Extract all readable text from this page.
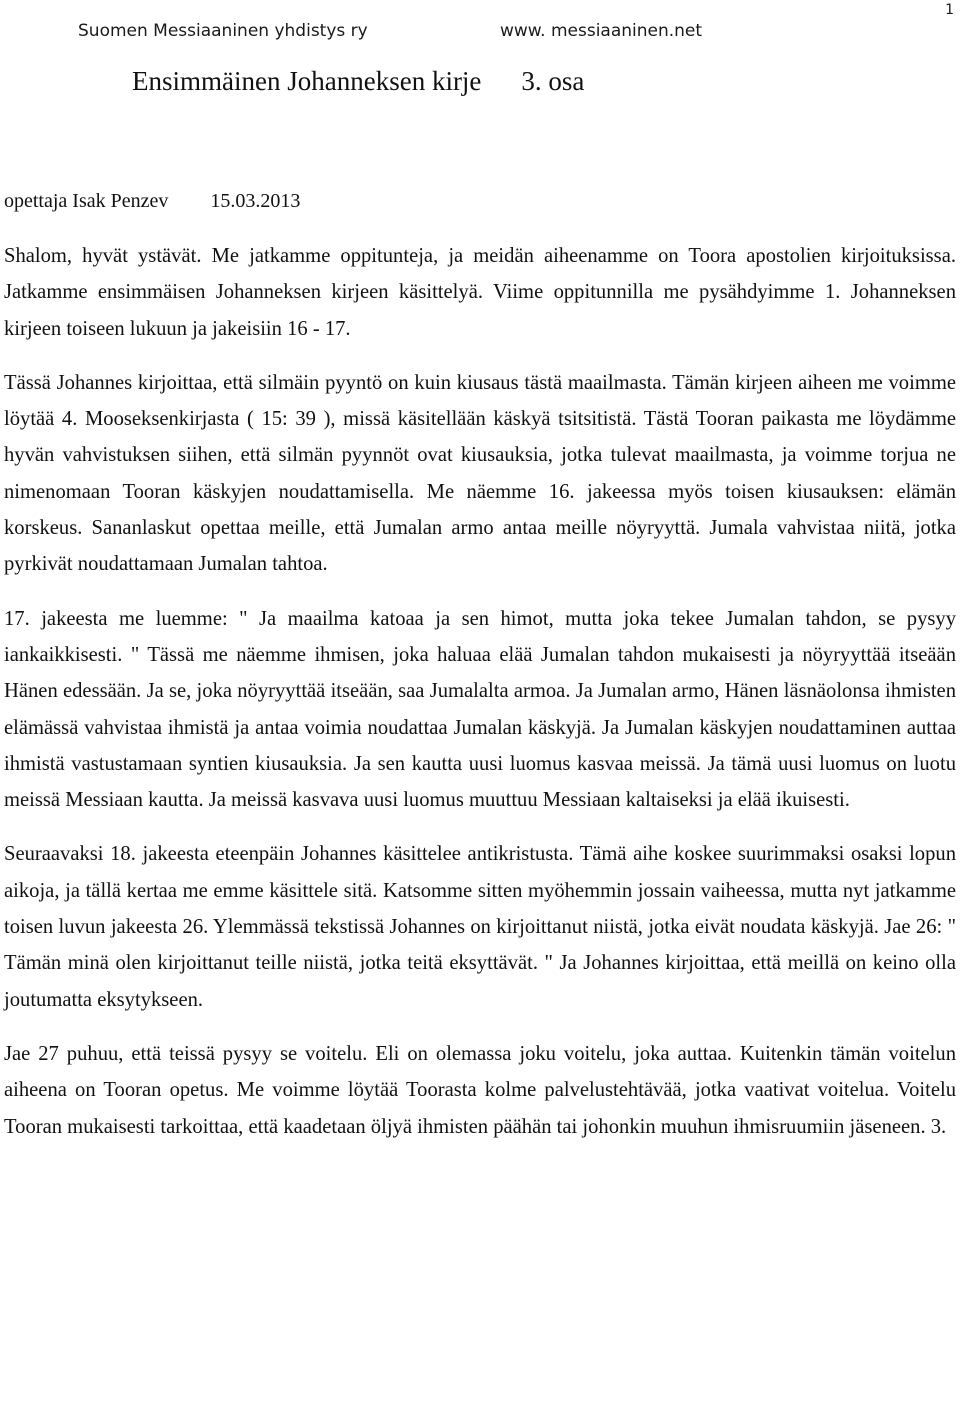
Suomen Messiaaninen yhdistys ry	www. messiaaninen.net
1
Ensimmäinen Johanneksen kirje 3. osa
opettaja Isak Penzev 15.03.2013

Shalom, hyvät ystävät. Me jatkamme oppitunteja, ja meidän aiheenamme on Toora apostolien kirjoituksissa. Jatkamme ensimmäisen Johanneksen kirjeen käsittelyä. Viime oppitunnilla me pysähdyimme 1. Johanneksen kirjeen toiseen lukuun ja jakeisiin 16 - 17.

Tässä Johannes kirjoittaa, että silmäin pyyntö on kuin kiusaus tästä maailmasta. Tämän kirjeen aiheen me voimme löytää 4. Mooseksenkirjasta ( 15: 39 ), missä käsitellään käskyä tsitsitistä. Tästä Tooran paikasta me löydämme hyvän vahvistuksen siihen, että silmän pyynnöt ovat kiusauksia, jotka tulevat maailmasta, ja voimme torjua ne nimenomaan Tooran käskyjen noudattamisella. Me näemme 16. jakeessa myös toisen kiusauksen: elämän korskeus. Sananlaskut opettaa meille, että Jumalan armo antaa meille nöyryyttä. Jumala vahvistaa niitä, jotka pyrkivät noudattamaan Jumalan tahtoa.

17. jakeesta me luemme: " Ja maailma katoaa ja sen himot, mutta joka tekee Jumalan tahdon, se pysyy iankaikkisesti. " Tässä me näemme ihmisen, joka haluaa elää Jumalan tahdon mukaisesti ja nöyryyttää itseään Hänen edessään. Ja se, joka nöyryyttää itseään, saa Jumalalta armoa. Ja Jumalan armo, Hänen läsnäolonsa ihmisten elämässä vahvistaa ihmistä ja antaa voimia noudattaa Jumalan käskyjä. Ja Jumalan käskyjen noudattaminen auttaa ihmistä vastustamaan syntien kiusauksia. Ja sen kautta uusi luomus kasvaa meissä. Ja tämä uusi luomus on luotu meissä Messiaan kautta. Ja meissä kasvava uusi luomus muuttuu Messiaan kaltaiseksi ja elää ikuisesti.

Seuraavaksi 18. jakeesta eteenpäin Johannes käsittelee antikristusta. Tämä aihe koskee suurimmaksi osaksi lopun aikoja, ja tällä kertaa me emme käsittele sitä. Katsomme sitten myöhemmin jossain vaiheessa, mutta nyt jatkamme toisen luvun jakeesta 26. Ylemmässä tekstissä Johannes on kirjoittanut niistä, jotka eivät noudata käskyjä. Jae 26: " Tämän minä olen kirjoittanut teille niistä, jotka teitä eksyttävät. " Ja Johannes kirjoittaa, että meillä on keino olla joutumatta eksytykseen.

Jae 27 puhuu, että teissä pysyy se voitelu. Eli on olemassa joku voitelu, joka auttaa. Kuitenkin tämän voitelun aiheena on Tooran opetus. Me voimme löytää Toorasta kolme palvelustehtävää, jotka vaativat voitelua. Voitelu Tooran mukaisesti tarkoittaa, että kaadetaan öljyä ihmisten päähän tai johonkin muuhun ihmisruumiin jäseneen. 3.
